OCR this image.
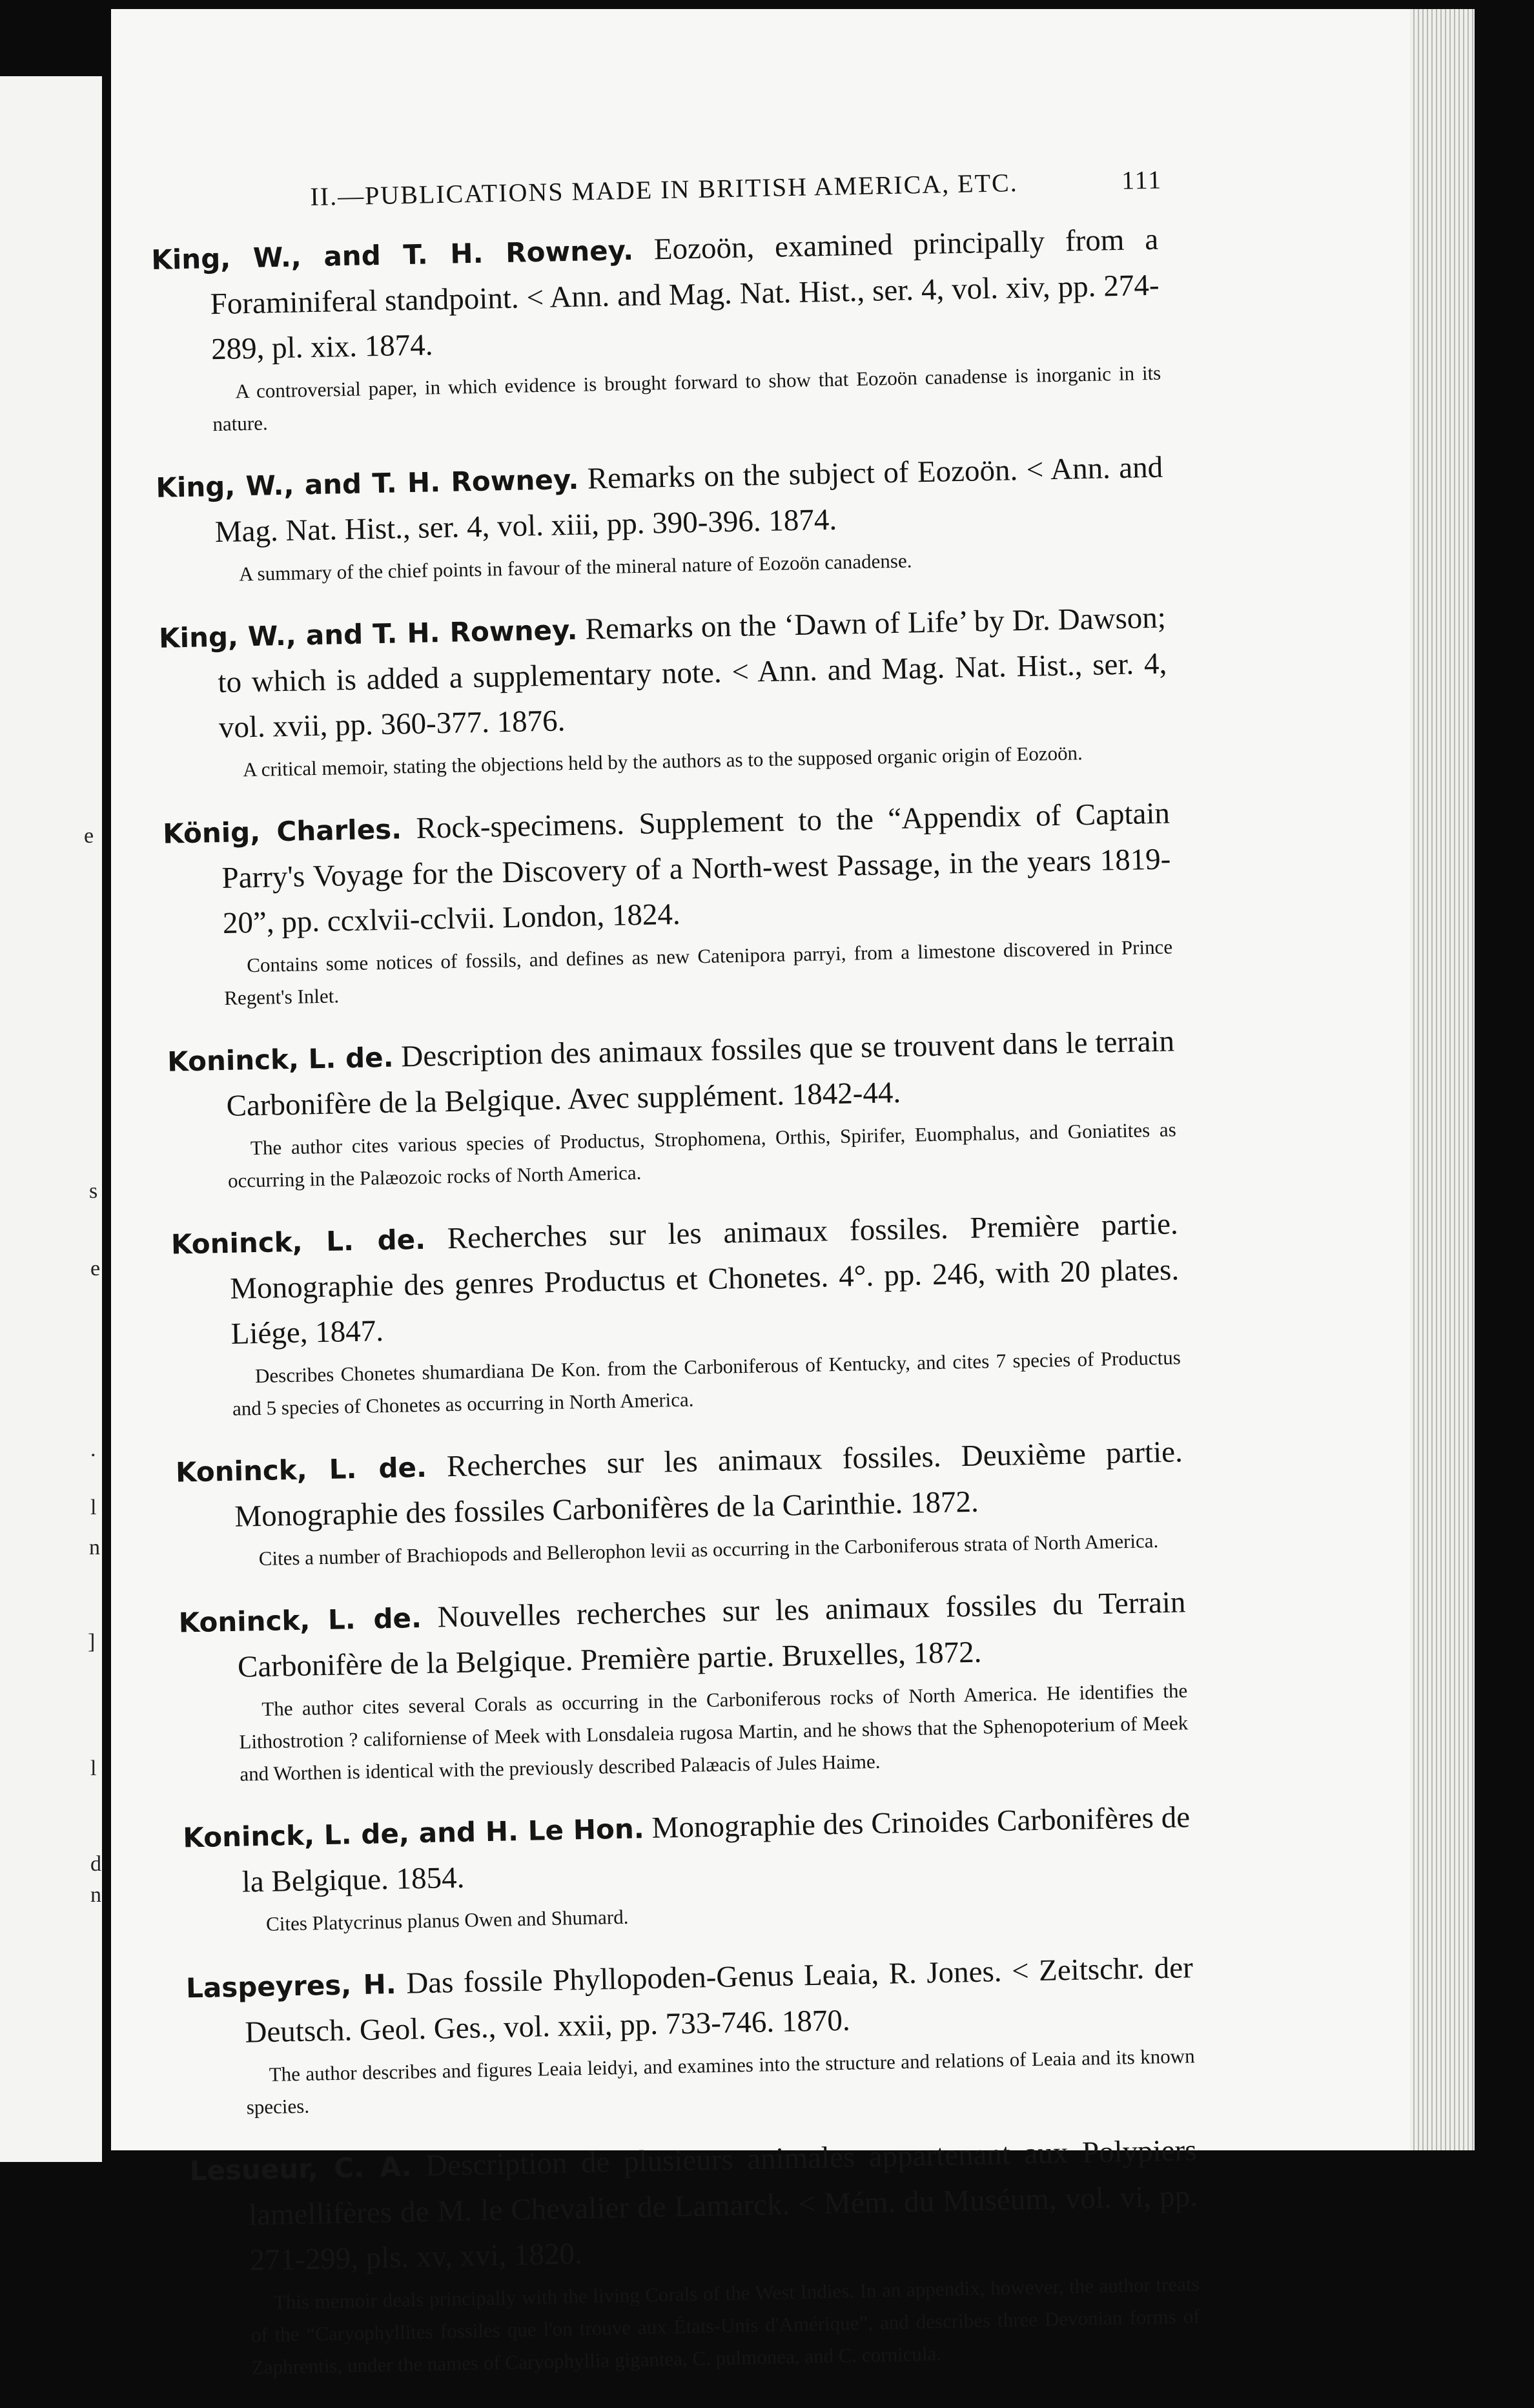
e
s
e
.
l
n
]
l
d
n
II.—PUBLICATIONS MADE IN BRITISH AMERICA, ETC.	111
King, W., and T. H. Rowney. Eozoön, examined principally from a Foraminiferal standpoint. < Ann. and Mag. Nat. Hist., ser. 4, vol. xiv, pp. 274-289, pl. xix. 1874.
A controversial paper, in which evidence is brought forward to show that Eozoön canadense is inorganic in its nature.
King, W., and T. H. Rowney. Remarks on the subject of Eozoön. < Ann. and Mag. Nat. Hist., ser. 4, vol. xiii, pp. 390-396. 1874.
A summary of the chief points in favour of the mineral nature of Eozoön canadense.
King, W., and T. H. Rowney. Remarks on the ‘Dawn of Life’ by Dr. Dawson; to which is added a supplementary note. < Ann. and Mag. Nat. Hist., ser. 4, vol. xvii, pp. 360-377. 1876.
A critical memoir, stating the objections held by the authors as to the supposed organic origin of Eozoön.
König, Charles. Rock-specimens. Supplement to the “Appendix of Captain Parry's Voyage for the Discovery of a North-west Passage, in the years 1819-20”, pp. ccxlvii-cclvii. London, 1824.
Contains some notices of fossils, and defines as new Catenipora parryi, from a limestone discovered in Prince Regent's Inlet.
Koninck, L. de. Description des animaux fossiles que se trouvent dans le terrain Carbonifère de la Belgique. Avec supplément. 1842-44.
The author cites various species of Productus, Strophomena, Orthis, Spirifer, Euomphalus, and Goniatites as occurring in the Palæozoic rocks of North America.
Koninck, L. de. Recherches sur les animaux fossiles. Première partie. Monographie des genres Productus et Chonetes. 4°. pp. 246, with 20 plates. Liége, 1847.
Describes Chonetes shumardiana De Kon. from the Carboniferous of Kentucky, and cites 7 species of Productus and 5 species of Chonetes as occurring in North America.
Koninck, L. de. Recherches sur les animaux fossiles. Deuxième partie. Monographie des fossiles Carbonifères de la Carinthie. 1872.
Cites a number of Brachiopods and Bellerophon levii as occurring in the Carboniferous strata of North America.
Koninck, L. de. Nouvelles recherches sur les animaux fossiles du Terrain Carbonifère de la Belgique. Première partie. Bruxelles, 1872.
The author cites several Corals as occurring in the Carboniferous rocks of North America. He identifies the Lithostrotion ? californiense of Meek with Lonsdaleia rugosa Martin, and he shows that the Sphenopoterium of Meek and Worthen is identical with the previously described Palæacis of Jules Haime.
Koninck, L. de, and H. Le Hon. Monographie des Crinoides Carbonifères de la Belgique. 1854.
Cites Platycrinus planus Owen and Shumard.
Laspeyres, H. Das fossile Phyllopoden-Genus Leaia, R. Jones. < Zeitschr. der Deutsch. Geol. Ges., vol. xxii, pp. 733-746. 1870.
The author describes and figures Leaia leidyi, and examines into the structure and relations of Leaia and its known species.
Lesueur, C. A. Description de plusieurs animales appartenant aux Polypiers lamellifères de M. le Chevalier de Lamarck. < Mém. du Muséum, vol. vi, pp. 271-299, pls. xv, xvi, 1820.
This memoir deals principally with the living Corals of the West Indies. In an appendix, however, the author treats of the “Caryophyllites fossiles que l'on trouve aux États-Unis d'Amérique”, and describes three Devonian forms of Zaphrentis, under the names of Caryophyllia gigantea, C. pulmonea, and C. cornicula.
